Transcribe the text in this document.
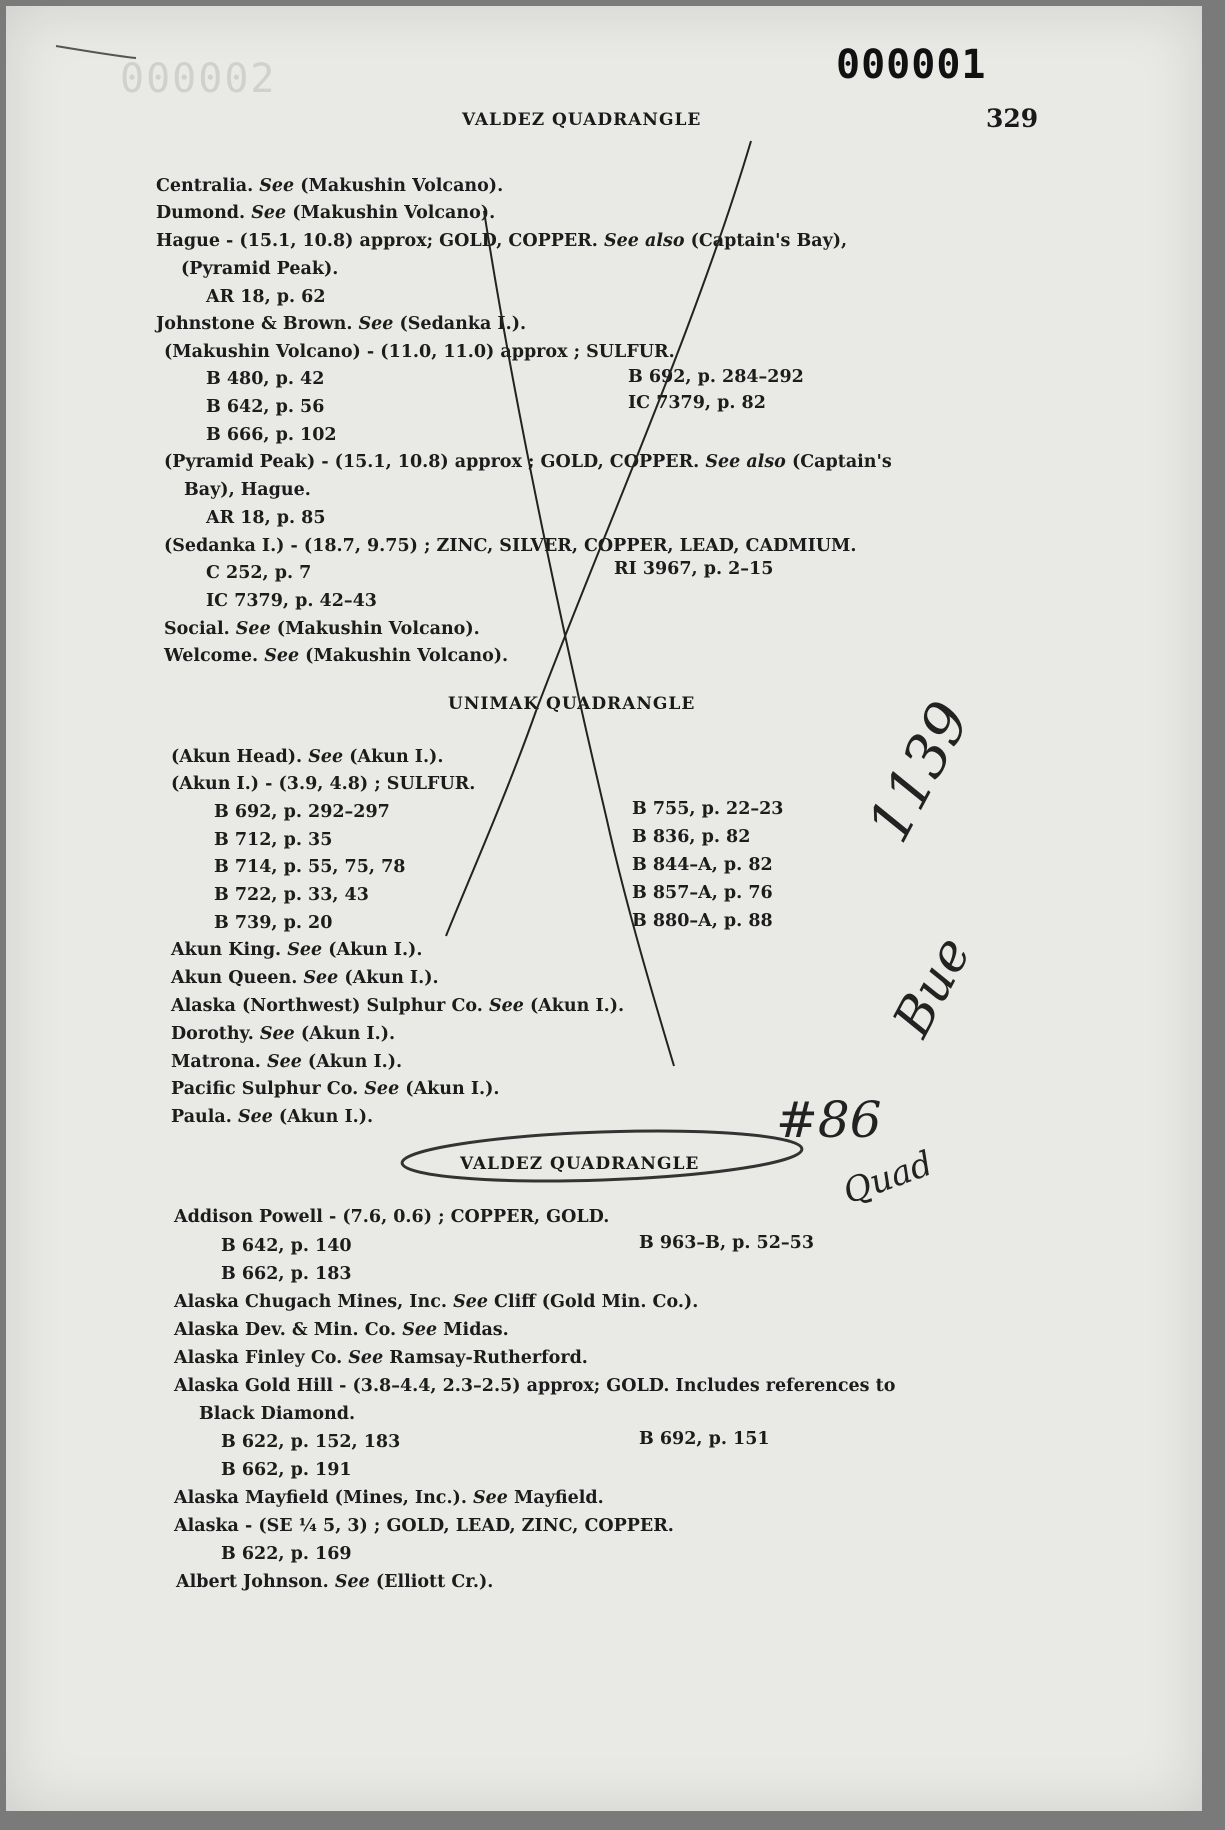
000002	000001
VALDEZ QUADRANGLE	329
Centralia. See (Makushin Volcano).
Dumond. See (Makushin Volcano).
Hague - (15.1, 10.8) approx; GOLD, COPPER. See also (Captain's Bay),
(Pyramid Peak).
AR 18, p. 62
Johnstone & Brown. See (Sedanka I.).
(Makushin Volcano) - (11.0, 11.0) approx ; SULFUR.
B 480, p. 42	B 692, p. 284–292
B 642, p. 56	IC 7379, p. 82
B 666, p. 102
(Pyramid Peak) - (15.1, 10.8) approx ; GOLD, COPPER. See also (Captain's
Bay), Hague.
AR 18, p. 85
(Sedanka I.) - (18.7, 9.75) ; ZINC, SILVER, COPPER, LEAD, CADMIUM.
C 252, p. 7	RI 3967, p. 2–15
IC 7379, p. 42–43
Social. See (Makushin Volcano).
Welcome. See (Makushin Volcano).
UNIMAK QUADRANGLE
(Akun Head). See (Akun I.).
(Akun I.) - (3.9, 4.8) ; SULFUR.
B 692, p. 292–297	B 755, p. 22–23
B 712, p. 35	B 836, p. 82
B 714, p. 55, 75, 78	B 844–A, p. 82
B 722, p. 33, 43	B 857–A, p. 76
B 739, p. 20	B 880–A, p. 88
Akun King. See (Akun I.).
Akun Queen. See (Akun I.).
Alaska (Northwest) Sulphur Co. See (Akun I.).
Dorothy. See (Akun I.).
Matrona. See (Akun I.).
Pacific Sulphur Co. See (Akun I.).
Paula. See (Akun I.).
VALDEZ QUADRANGLE
Addison Powell - (7.6, 0.6) ; COPPER, GOLD.
B 642, p. 140	B 963–B, p. 52–53
B 662, p. 183
Alaska Chugach Mines, Inc. See Cliff (Gold Min. Co.).
Alaska Dev. & Min. Co. See Midas.
Alaska Finley Co. See Ramsay-Rutherford.
Alaska Gold Hill - (3.8–4.4, 2.3–2.5) approx; GOLD. Includes references to
Black Diamond.
B 622, p. 152, 183	B 692, p. 151
B 662, p. 191
Alaska Mayfield (Mines, Inc.). See Mayfield.
Alaska - (SE ¼ 5, 3) ; GOLD, LEAD, ZINC, COPPER.
B 622, p. 169
Albert Johnson. See (Elliott Cr.).
1139
Bue
#86
Quad
